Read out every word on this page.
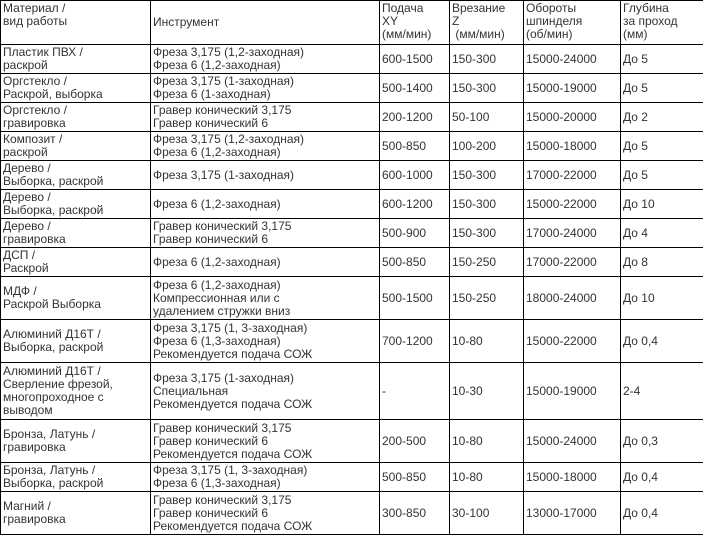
Материал /
вид работы	Инструмент	Подача
XY
(мм/мин)	Врезание
Z
(мм/мин)	Обороты
шпинделя
(об/мин)	Глубина
за проход
(мм)

Пластик ПВХ /
раскрой	Фреза 3,175 (1,2-заходная)
Фреза 6 (1,2-заходная)	600-1500	150-300	15000-24000	До 5

Оргстекло /
Раскрой, выборка	Фреза 3,175 (1-заходная)
Фреза 6 (1-заходная)	500-1400	150-300	15000-19000	До 5

Оргстекло /
гравировка	Гравер конический 3,175
Гравер конический 6	200-1200	50-100	15000-20000	До 2

Композит /
раскрой	Фреза 3,175 (1,2-заходная)
Фреза 6 (1,2-заходная)	500-850	100-200	15000-18000	До 5

Дерево /
Выборка, раскрой	Фреза 3,175 (1-заходная)	600-1000	150-300	17000-22000	До 5

Дерево /
Выборка, раскрой	Фреза 6 (1,2-заходная)	600-1200	150-300	15000-22000	До 10

Дерево /
гравировка	Гравер конический 3,175
Гравер конический 6	500-900	150-300	17000-24000	До 4

ДСП /
Раскрой	Фреза 6 (1,2-заходная)	500-850	150-250	17000-22000	До 8

МДФ /
Раскрой Выборка	Фреза 6 (1,2-заходная)
Компрессионная или с
удалением стружки вниз	500-1500	150-250	18000-24000	До 10

Алюминий Д16Т /
Выборка, раскрой	Фреза 3,175 (1, 3-заходная)
Фреза 6 (1,3-заходная)
Рекомендуется подача СОЖ	700-1200	10-80	15000-22000	До 0,4

Алюминий Д16Т /
Сверление фрезой,
многопроходное с
выводом	Фреза 3,175 (1-заходная)
Специальная
Рекомендуется подача СОЖ	-	10-30	15000-19000	2-4

Бронза, Латунь /
гравировка	Гравер конический 3,175
Гравер конический 6
Рекомендуется подача СОЖ	200-500	10-80	15000-24000	До 0,3

Бронза, Латунь /
Выборка, раскрой	Фреза 3,175 (1, 3-заходная)
Фреза 6 (1,3-заходная)	500-850	10-80	15000-18000	До 0,4

Магний /
гравировка	Гравер конический 3,175
Гравер конический 6
Рекомендуется подача СОЖ	300-850	30-100	13000-17000	До 0,4
